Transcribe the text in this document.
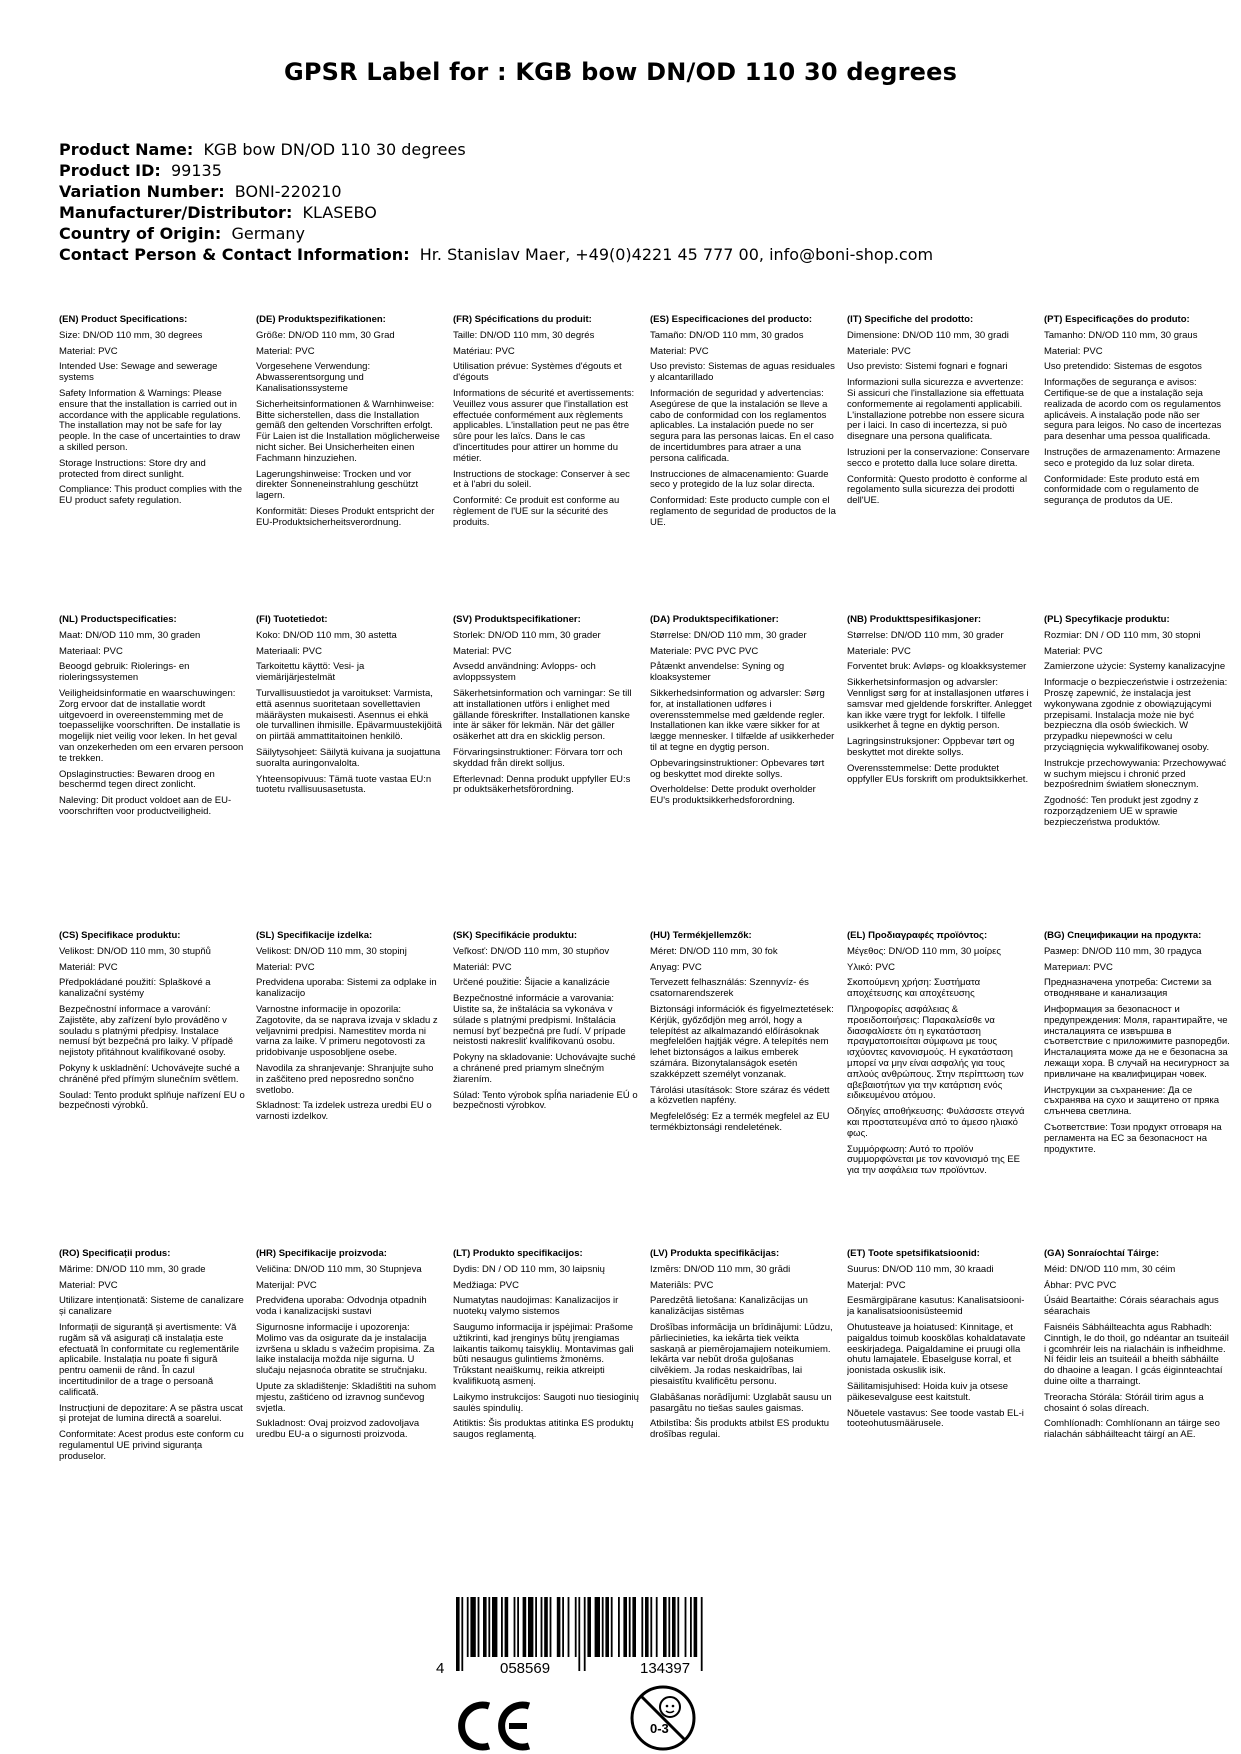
GPSR Label for : KGB bow DN/OD 110 30 degrees
Product Name: KGB bow DN/OD 110 30 degrees
Product ID: 99135
Variation Number: BONI-220210
Manufacturer/Distributor: KLASEBO
Country of Origin: Germany
Contact Person & Contact Information: Hr. Stanislav Maer, +49(0)4221 45 777 00, info@boni-shop.com
(EN) Product Specifications:
Size: DN/OD 110 mm, 30 degrees
Material: PVC
Intended Use: Sewage and sewerage systems
Safety Information & Warnings: Please ensure that the installation is carried out in accordance with the applicable regulations. The installation may not be safe for lay people. In the case of uncertainties to draw a skilled person.
Storage Instructions: Store dry and protected from direct sunlight.
Compliance: This product complies with the EU product safety regulation.
(DE) Produktspezifikationen:
Größe: DN/OD 110 mm, 30 Grad
Material: PVC
Vorgesehene Verwendung: Abwasserentsorgung und Kanalisationssysteme
Sicherheitsinformationen & Warnhinweise: Bitte sicherstellen, dass die Installation gemäß den geltenden Vorschriften erfolgt. Für Laien ist die Installation möglicherweise nicht sicher. Bei Unsicherheiten einen Fachmann hinzuziehen.
Lagerungshinweise: Trocken und vor direkter Sonneneinstrahlung geschützt lagern.
Konformität: Dieses Produkt entspricht der EU-Produktsicherheitsverordnung.
(FR) Spécifications du produit:
Taille: DN/OD 110 mm, 30 degrés
Matériau: PVC
Utilisation prévue: Systèmes d'égouts et d'égouts
Informations de sécurité et avertissements: Veuillez vous assurer que l'installation est effectuée conformément aux règlements applicables. L'installation peut ne pas être sûre pour les laïcs. Dans le cas d'incertitudes pour attirer un homme du métier.
Instructions de stockage: Conserver à sec et à l'abri du soleil.
Conformité: Ce produit est conforme au règlement de l'UE sur la sécurité des produits.
(ES) Especificaciones del producto:
Tamaño: DN/OD 110 mm, 30 grados
Material: PVC
Uso previsto: Sistemas de aguas residuales y alcantarillado
Información de seguridad y advertencias: Asegúrese de que la instalación se lleve a cabo de conformidad con los reglamentos aplicables. La instalación puede no ser segura para las personas laicas. En el caso de incertidumbres para atraer a una persona calificada.
Instrucciones de almacenamiento: Guarde seco y protegido de la luz solar directa.
Conformidad: Este producto cumple con el reglamento de seguridad de productos de la UE.
(IT) Specifiche del prodotto:
Dimensione: DN/OD 110 mm, 30 gradi
Materiale: PVC
Uso previsto: Sistemi fognari e fognari
Informazioni sulla sicurezza e avvertenze: Si assicuri che l'installazione sia effettuata conformemente ai regolamenti applicabili. L'installazione potrebbe non essere sicura per i laici. In caso di incertezza, si può disegnare una persona qualificata.
Istruzioni per la conservazione: Conservare secco e protetto dalla luce solare diretta.
Conformità: Questo prodotto è conforme al regolamento sulla sicurezza dei prodotti dell'UE.
(PT) Especificações do produto:
Tamanho: DN/OD 110 mm, 30 graus
Material: PVC
Uso pretendido: Sistemas de esgotos
Informações de segurança e avisos: Certifique-se de que a instalação seja realizada de acordo com os regulamentos aplicáveis. A instalação pode não ser segura para leigos. No caso de incertezas para desenhar uma pessoa qualificada.
Instruções de armazenamento: Armazene seco e protegido da luz solar direta.
Conformidade: Este produto está em conformidade com o regulamento de segurança de produtos da UE.
(NL) Productspecificaties:
Maat: DN/OD 110 mm, 30 graden
Materiaal: PVC
Beoogd gebruik: Riolerings- en rioleringssystemen
Veiligheidsinformatie en waarschuwingen: Zorg ervoor dat de installatie wordt uitgevoerd in overeenstemming met de toepasselijke voorschriften. De installatie is mogelijk niet veilig voor leken. In het geval van onzekerheden om een ervaren persoon te trekken.
Opslaginstructies: Bewaren droog en beschermd tegen direct zonlicht.
Naleving: Dit product voldoet aan de EU-voorschriften voor productveiligheid.
(FI) Tuotetiedot:
Koko: DN/OD 110 mm, 30 astetta
Materiaali: PVC
Tarkoitettu käyttö: Vesi- ja viemärijärjestelmät
Turvallisuustiedot ja varoitukset: Varmista, että asennus suoritetaan sovellettavien määräysten mukaisesti. Asennus ei ehkä ole turvallinen ihmisille. Epävarmuustekijöitä on piirtää ammattitaitoinen henkilö.
Säilytysohjeet: Säilytä kuivana ja suojattuna suoralta auringonvalolta.
Yhteensopivuus: Tämä tuote vastaa EU:n tuotetu rvallisuusasetusta.
(SV) Produktspecifikationer:
Storlek: DN/OD 110 mm, 30 grader
Material: PVC
Avsedd användning: Avlopps- och avloppssystem
Säkerhetsinformation och varningar: Se till att installationen utförs i enlighet med gällande föreskrifter. Installationen kanske inte är säker för lekmän. När det gäller osäkerhet att dra en skicklig person.
Förvaringsinstruktioner: Förvara torr och skyddad från direkt solljus.
Efterlevnad: Denna produkt uppfyller EU:s pr oduktsäkerhetsförordning.
(DA) Produktspecifikationer:
Størrelse: DN/OD 110 mm, 30 grader
Materiale: PVC PVC PVC
Påtænkt anvendelse: Syning og kloaksystemer
Sikkerhedsinformation og advarsler: Sørg for, at installationen udføres i overensstemmelse med gældende regler. Installationen kan ikke være sikker for at lægge mennesker. I tilfælde af usikkerheder til at tegne en dygtig person.
Opbevaringsinstruktioner: Opbevares tørt og beskyttet mod direkte sollys.
Overholdelse: Dette produkt overholder EU's produktsikkerhedsforordning.
(NB) Produkttspesifikasjoner:
Størrelse: DN/OD 110 mm, 30 grader
Materiale: PVC
Forventet bruk: Avløps- og kloakksystemer
Sikkerhetsinformasjon og advarsler: Vennligst sørg for at installasjonen utføres i samsvar med gjeldende forskrifter. Anlegget kan ikke være trygt for lekfolk. I tilfelle usikkerhet å tegne en dyktig person.
Lagringsinstruksjoner: Oppbevar tørt og beskyttet mot direkte sollys.
Overensstemmelse: Dette produktet oppfyller EUs forskrift om produktsikkerhet.
(PL) Specyfikacje produktu:
Rozmiar: DN / OD 110 mm, 30 stopni
Materiał: PVC
Zamierzone użycie: Systemy kanalizacyjne
Informacje o bezpieczeństwie i ostrzeżenia: Proszę zapewnić, że instalacja jest wykonywana zgodnie z obowiązującymi przepisami. Instalacja może nie być bezpieczna dla osób świeckich. W przypadku niepewności w celu przyciągnięcia wykwalifikowanej osoby.
Instrukcje przechowywania: Przechowywać w suchym miejscu i chronić przed bezpośrednim światłem słonecznym.
Zgodność: Ten produkt jest zgodny z rozporządzeniem UE w sprawie bezpieczeństwa produktów.
(CS) Specifikace produktu:
Velikost: DN/OD 110 mm, 30 stupňů
Materiál: PVC
Předpokládané použití: Splaškové a kanalizační systémy
Bezpečnostní informace a varování: Zajistěte, aby zařízení bylo prováděno v souladu s platnými předpisy. Instalace nemusí být bezpečná pro laiky. V případě nejistoty přitáhnout kvalifikované osoby.
Pokyny k uskladnění: Uchovávejte suché a chráněné před přímým slunečním světlem.
Soulad: Tento produkt splňuje nařízení EU o bezpečnosti výrobků.
(SL) Specifikacije izdelka:
Velikost: DN/OD 110 mm, 30 stopinj
Material: PVC
Predvidena uporaba: Sistemi za odplake in kanalizacijo
Varnostne informacije in opozorila: Zagotovite, da se naprava izvaja v skladu z veljavnimi predpisi. Namestitev morda ni varna za laike. V primeru negotovosti za pridobivanje usposobljene osebe.
Navodila za shranjevanje: Shranjujte suho in zaščiteno pred neposredno sončno svetlobo.
Skladnost: Ta izdelek ustreza uredbi EU o varnosti izdelkov.
(SK) Špecifikácie produktu:
Veľkosť: DN/OD 110 mm, 30 stupňov
Materiál: PVC
Určené použitie: Šijacie a kanalizácie
Bezpečnostné informácie a varovania: Uistite sa, že inštalácia sa vykonáva v súlade s platnými predpismi. Inštalácia nemusí byť bezpečná pre ľudí. V prípade neistosti nakresliť kvalifikovanú osobu.
Pokyny na skladovanie: Uchovávajte suché a chránené pred priamym slnečným žiarením.
Súlad: Tento výrobok spĺňa nariadenie EÚ o bezpečnosti výrobkov.
(HU) Termékjellemzők:
Méret: DN/OD 110 mm, 30 fok
Anyag: PVC
Tervezett felhasználás: Szennyvíz- és csatornarendszerek
Biztonsági információk és figyelmeztetések: Kérjük, győződjön meg arról, hogy a telepítést az alkalmazandó előírásoknak megfelelően hajtják végre. A telepítés nem lehet biztonságos a laikus emberek számára. Bizonytalanságok esetén szakképzett személyt vonzanak.
Tárolási utasítások: Store száraz és védett a közvetlen napfény.
Megfelelőség: Ez a termék megfelel az EU termékbiztonsági rendeletének.
(EL) Προδιαγραφές προϊόντος:
Μέγεθος: DN/OD 110 mm, 30 μοίρες
Υλικό: PVC
Σκοπούμενη χρήση: Συστήματα αποχέτευσης και αποχέτευσης
Πληροφορίες ασφάλειας & προειδοποιήσεις: Παρακαλείσθε να διασφαλίσετε ότι η εγκατάσταση πραγματοποιείται σύμφωνα με τους ισχύοντες κανονισμούς. Η εγκατάσταση μπορεί να μην είναι ασφαλής για τους απλούς ανθρώπους. Στην περίπτωση των αβεβαιοτήτων για την κατάρτιση ενός ειδικευμένου ατόμου.
Οδηγίες αποθήκευσης: Φυλάσσετε στεγνά και προστατευμένα από το άμεσο ηλιακό φως.
Συμμόρφωση: Αυτό το προϊόν συμμορφώνεται με τον κανονισμό της ΕΕ για την ασφάλεια των προϊόντων.
(BG) Спецификации на продукта:
Размер: DN/OD 110 mm, 30 градуса
Материал: PVC
Предназначена употреба: Системи за отводняване и канализация
Информация за безопасност и предупреждения: Моля, гарантирайте, че инсталацията се извършва в съответствие с приложимите разпоредби. Инсталацията може да не е безопасна за лежащи хора. В случай на несигурност за привличане на квалифициран човек.
Инструкции за съхранение: Да се съхранява на сухо и защитено от пряка слънчева светлина.
Съответствие: Този продукт отговаря на регламента на ЕС за безопасност на продуктите.
(RO) Specificații produs:
Mărime: DN/OD 110 mm, 30 grade
Material: PVC
Utilizare intenționată: Sisteme de canalizare și canalizare
Informații de siguranță și avertismente: Vă rugăm să vă asigurați că instalația este efectuată în conformitate cu reglementările aplicabile. Instalația nu poate fi sigură pentru oamenii de rând. În cazul incertitudinilor de a trage o persoană calificată.
Instrucțiuni de depozitare: A se păstra uscat și protejat de lumina directă a soarelui.
Conformitate: Acest produs este conform cu regulamentul UE privind siguranța produselor.
(HR) Specifikacije proizvoda:
Veličina: DN/OD 110 mm, 30 Stupnjeva
Materijal: PVC
Predviđena uporaba: Odvodnja otpadnih voda i kanalizacijski sustavi
Sigurnosne informacije i upozorenja: Molimo vas da osigurate da je instalacija izvršena u skladu s važećim propisima. Za laike instalacija možda nije sigurna. U slučaju nejasnoća obratite se stručnjaku.
Upute za skladištenje: Skladištiti na suhom mjestu, zaštićeno od izravnog sunčevog svjetla.
Sukladnost: Ovaj proizvod zadovoljava uredbu EU-a o sigurnosti proizvoda.
(LT) Produkto specifikacijos:
Dydis: DN / OD 110 mm, 30 laipsnių
Medžiaga: PVC
Numatytas naudojimas: Kanalizacijos ir nuotekų valymo sistemos
Saugumo informacija ir įspėjimai: Prašome užtikrinti, kad įrenginys būtų įrengiamas laikantis taikomų taisyklių. Montavimas gali būti nesaugus gulintiems žmonėms. Trūkstant neaiškumų, reikia atkreipti kvalifikuotą asmenį.
Laikymo instrukcijos: Saugoti nuo tiesioginių saulės spindulių.
Atitiktis: Šis produktas atitinka ES produktų saugos reglamentą.
(LV) Produkta specifikācijas:
Izmērs: DN/OD 110 mm, 30 grādi
Materiāls: PVC
Paredzētā lietošana: Kanalizācijas un kanalizācijas sistēmas
Drošības informācija un brīdinājumi: Lūdzu, pārliecinieties, ka iekārta tiek veikta saskaņā ar piemērojamajiem noteikumiem. Iekārta var nebūt droša guļošanas cilvēkiem. Ja rodas neskaidrības, lai piesaistītu kvalificētu personu.
Glabāšanas norādījumi: Uzglabāt sausu un pasargātu no tiešas saules gaismas.
Atbilstība: Šis produkts atbilst ES produktu drošības regulai.
(ET) Toote spetsifikatsioonid:
Suurus: DN/OD 110 mm, 30 kraadi
Materjal: PVC
Eesmärgipärane kasutus: Kanalisatsiooni- ja kanalisatsioonisüsteemid
Ohutusteave ja hoiatused: Kinnitage, et paigaldus toimub kooskõlas kohaldatavate eeskirjadega. Paigaldamine ei pruugi olla ohutu lamajatele. Ebaselguse korral, et joonistada oskuslik isik.
Säilitamisjuhised: Hoida kuiv ja otsese päikesevalguse eest kaitstult.
Nõuetele vastavus: See toode vastab EL-i tooteohutusmäärusele.
(GA) Sonraíochtaí Táirge:
Méid: DN/OD 110 mm, 30 céim
Ábhar: PVC PVC
Úsáid Beartaithe: Córais séarachais agus séarachais
Faisnéis Sábháilteachta agus Rabhadh: Cinntigh, le do thoil, go ndéantar an tsuiteáil i gcomhréir leis na rialacháin is infheidhme. Ní féidir leis an tsuiteáil a bheith sábháilte do dhaoine a leagan. I gcás éiginnteachtaí duine oilte a tharraingt.
Treoracha Stórála: Stóráil tirim agus a chosaint ó solas díreach.
Comhlíonadh: Comhlíonann an táirge seo rialachán sábháilteacht táirgí an AE.
4	058569	134397
0-3
